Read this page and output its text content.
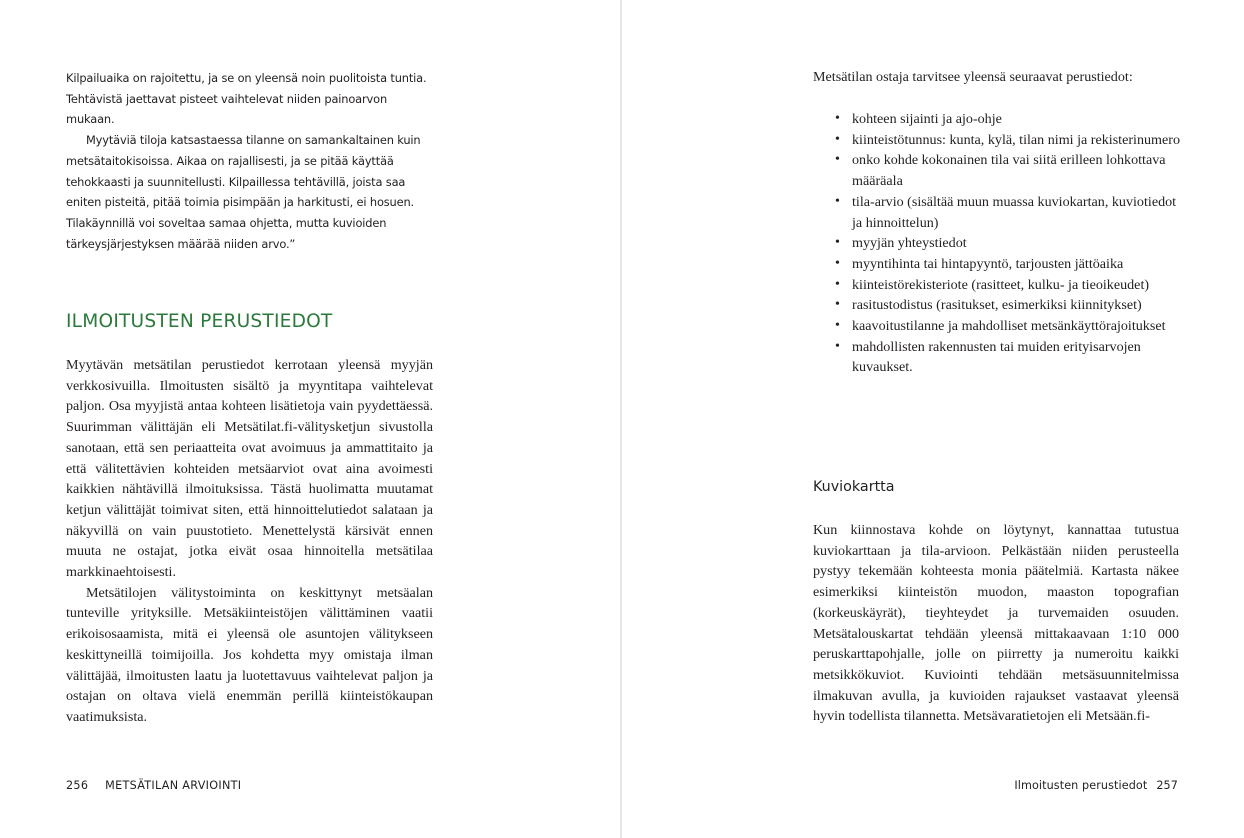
Kilpailuaika on rajoitettu, ja se on yleensä noin puolitoista tuntia. Tehtävistä jaettavat pisteet vaihtelevat niiden painoarvon mukaan.

Myytäviä tiloja katsastaessa tilanne on samankaltainen kuin metsätaitokisoissa. Aikaa on rajallisesti, ja se pitää käyttää tehokkaasti ja suunnitellusti. Kilpaillessa tehtävillä, joista saa eniten pisteitä, pitää toimia pisimpään ja harkitusti, ei hosuen. Tilakäynnillä voi soveltaa samaa ohjetta, mutta kuvioiden tärkeysjärjestyksen määrää niiden arvo.”

ILMOITUSTEN PERUSTIEDOT

Myytävän metsätilan perustiedot kerrotaan yleensä myyjän verkkosivuilla. Ilmoitusten sisältö ja myyntitapa vaihtelevat paljon. Osa myyjistä antaa kohteen lisätietoja vain pyydettäessä. Suurimman välittäjän eli Metsätilat.fi-välitysketjun sivustolla sanotaan, että sen periaatteita ovat avoimuus ja ammattitaito ja että välitettävien kohteiden metsäarviot ovat aina avoimesti kaikkien nähtävillä ilmoituksissa. Tästä huolimatta muutamat ketjun välittäjät toimivat siten, että hinnoittelutiedot salataan ja näkyvillä on vain puustotieto. Menettelystä kärsivät ennen muuta ne ostajat, jotka eivät osaa hinnoitella metsätilaa markkinaehtoisesti.

Metsätilojen välitystoiminta on keskittynyt metsäalan tunteville yrityksille. Metsäkiinteistöjen välittäminen vaatii erikoisosaamista, mitä ei yleensä ole asuntojen välitykseen keskittyneillä toimijoilla. Jos kohdetta myy omistaja ilman välittäjää, ilmoitusten laatu ja luotettavuus vaihtelevat paljon ja ostajan on oltava vielä enemmän perillä kiinteistökaupan vaatimuksista.

256 METSÄTILAN ARVIOINTI

Metsätilan ostaja tarvitsee yleensä seuraavat perustiedot:

• kohteen sijainti ja ajo-ohje
• kiinteistötunnus: kunta, kylä, tilan nimi ja rekisterinumero
• onko kohde kokonainen tila vai siitä erilleen lohkottava määräala
• tila-arvio (sisältää muun muassa kuviokartan, kuviotiedot ja hinnoittelun)
• myyjän yhteystiedot
• myyntihinta tai hintapyyntö, tarjousten jättöaika
• kiinteistörekisteriote (rasitteet, kulku- ja tieoikeudet)
• rasitustodistus (rasitukset, esimerkiksi kiinnitykset)
• kaavoitustilanne ja mahdolliset metsänkäyttörajoitukset
• mahdollisten rakennusten tai muiden erityisarvojen kuvaukset.
Kuviokartta

Kun kiinnostava kohde on löytynyt, kannattaa tutustua kuviokarttaan ja tila-arvioon. Pelkästään niiden perusteella pystyy tekemään kohteesta monia päätelmiä. Kartasta näkee esimerkiksi kiinteistön muodon, maaston topografian (korkeuskäyrät), tieyhteydet ja turvemaiden osuuden. Metsätalouskartat tehdään yleensä mittakaavaan 1:10 000 peruskarttapohjalle, jolle on piirretty ja numeroitu kaikki metsikkökuviot. Kuviointi tehdään metsäsuunnitelmissa ilmakuvan avulla, ja kuvioiden rajaukset vastaavat yleensä hyvin todellista tilannetta. Metsävaratietojen eli Metsään.fi-

Ilmoitusten perustiedot 257
